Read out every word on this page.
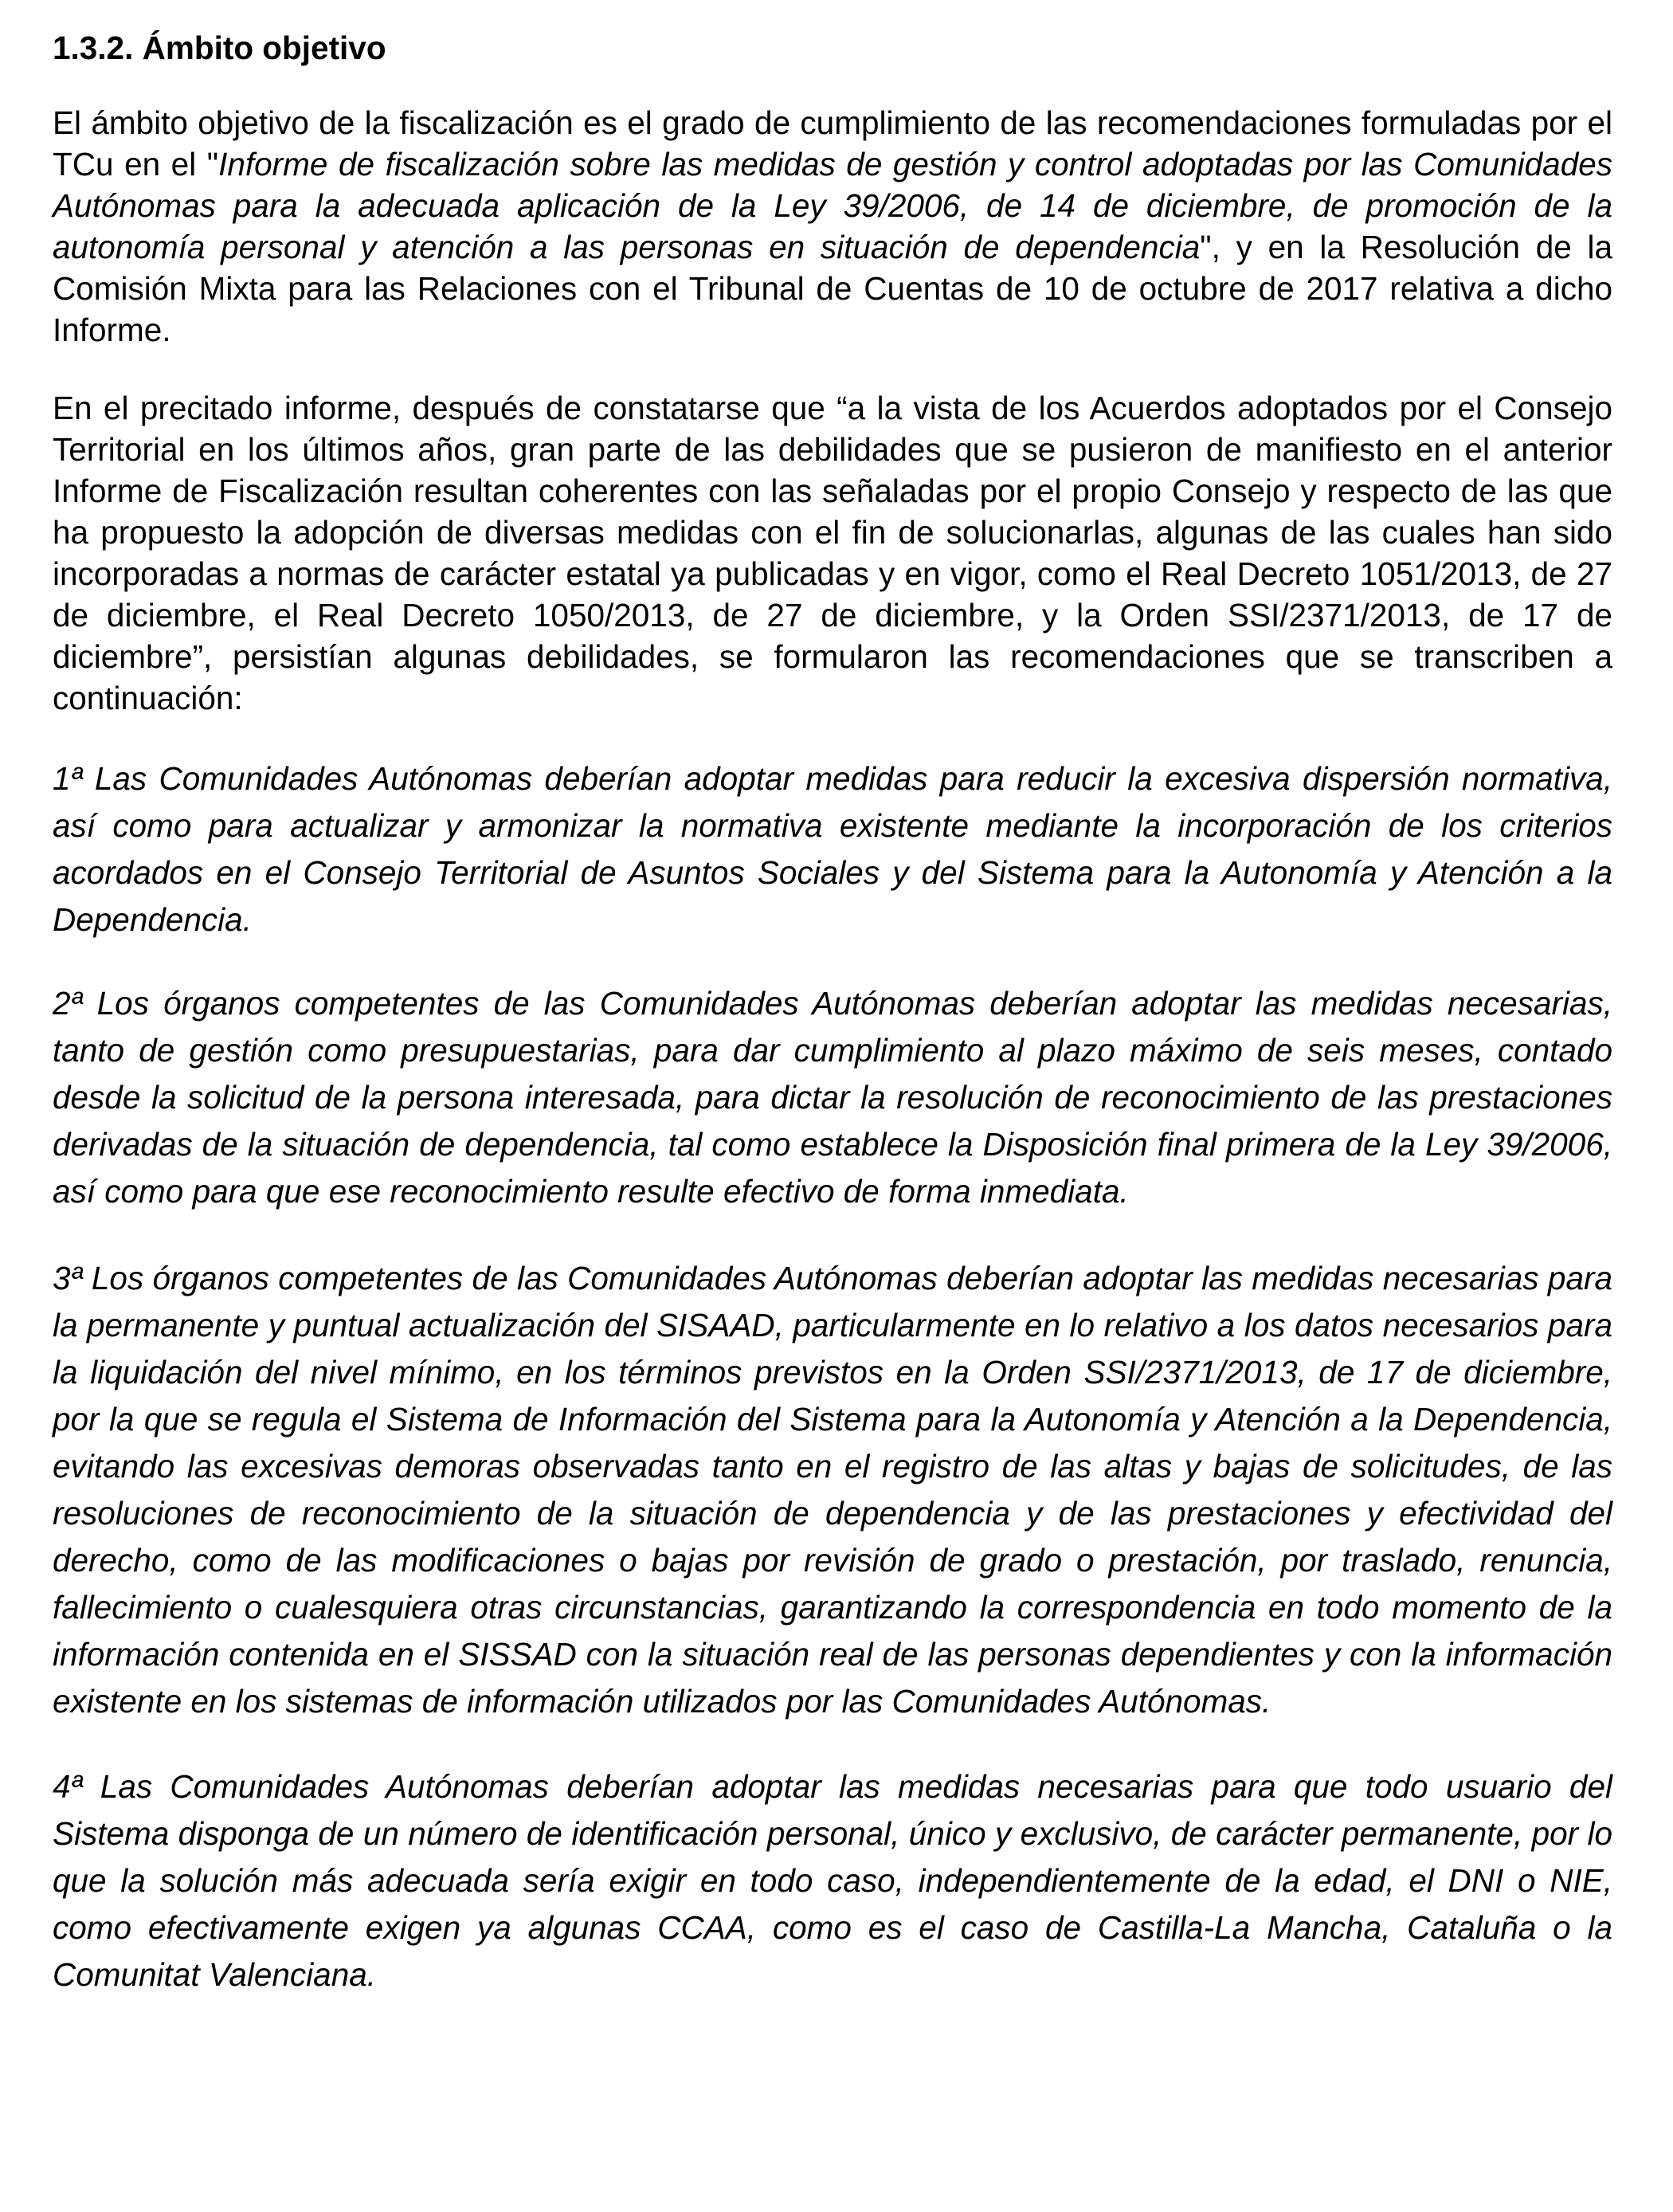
1.3.2. Ámbito objetivo

El ámbito objetivo de la fiscalización es el grado de cumplimiento de las recomendaciones formuladas por el TCu en el "Informe de fiscalización sobre las medidas de gestión y control adoptadas por las Comunidades Autónomas para la adecuada aplicación de la Ley 39/2006, de 14 de diciembre, de promoción de la autonomía personal y atención a las personas en situación de dependencia", y en la Resolución de la Comisión Mixta para las Relaciones con el Tribunal de Cuentas de 10 de octubre de 2017 relativa a dicho Informe.

En el precitado informe, después de constatarse que “a la vista de los Acuerdos adoptados por el Consejo Territorial en los últimos años, gran parte de las debilidades que se pusieron de manifiesto en el anterior Informe de Fiscalización resultan coherentes con las señaladas por el propio Consejo y respecto de las que ha propuesto la adopción de diversas medidas con el fin de solucionarlas, algunas de las cuales han sido incorporadas a normas de carácter estatal ya publicadas y en vigor, como el Real Decreto 1051/2013, de 27 de diciembre, el Real Decreto 1050/2013, de 27 de diciembre, y la Orden SSI/2371/2013, de 17 de diciembre”, persistían algunas debilidades, se formularon las recomendaciones que se transcriben a continuación:

1ª Las Comunidades Autónomas deberían adoptar medidas para reducir la excesiva dispersión normativa, así como para actualizar y armonizar la normativa existente mediante la incorporación de los criterios acordados en el Consejo Territorial de Asuntos Sociales y del Sistema para la Autonomía y Atención a la Dependencia.

2ª Los órganos competentes de las Comunidades Autónomas deberían adoptar las medidas necesarias, tanto de gestión como presupuestarias, para dar cumplimiento al plazo máximo de seis meses, contado desde la solicitud de la persona interesada, para dictar la resolución de reconocimiento de las prestaciones derivadas de la situación de dependencia, tal como establece la Disposición final primera de la Ley 39/2006, así como para que ese reconocimiento resulte efectivo de forma inmediata.

3ª Los órganos competentes de las Comunidades Autónomas deberían adoptar las medidas necesarias para la permanente y puntual actualización del SISAAD, particularmente en lo relativo a los datos necesarios para la liquidación del nivel mínimo, en los términos previstos en la Orden SSI/2371/2013, de 17 de diciembre, por la que se regula el Sistema de Información del Sistema para la Autonomía y Atención a la Dependencia, evitando las excesivas demoras observadas tanto en el registro de las altas y bajas de solicitudes, de las resoluciones de reconocimiento de la situación de dependencia y de las prestaciones y efectividad del derecho, como de las modificaciones o bajas por revisión de grado o prestación, por traslado, renuncia, fallecimiento o cualesquiera otras circunstancias, garantizando la correspondencia en todo momento de la información contenida en el SISSAD con la situación real de las personas dependientes y con la información existente en los sistemas de información utilizados por las Comunidades Autónomas.

4ª Las Comunidades Autónomas deberían adoptar las medidas necesarias para que todo usuario del Sistema disponga de un número de identificación personal, único y exclusivo, de carácter permanente, por lo que la solución más adecuada sería exigir en todo caso, independientemente de la edad, el DNI o NIE, como efectivamente exigen ya algunas CCAA, como es el caso de Castilla-La Mancha, Cataluña o la Comunitat Valenciana.
